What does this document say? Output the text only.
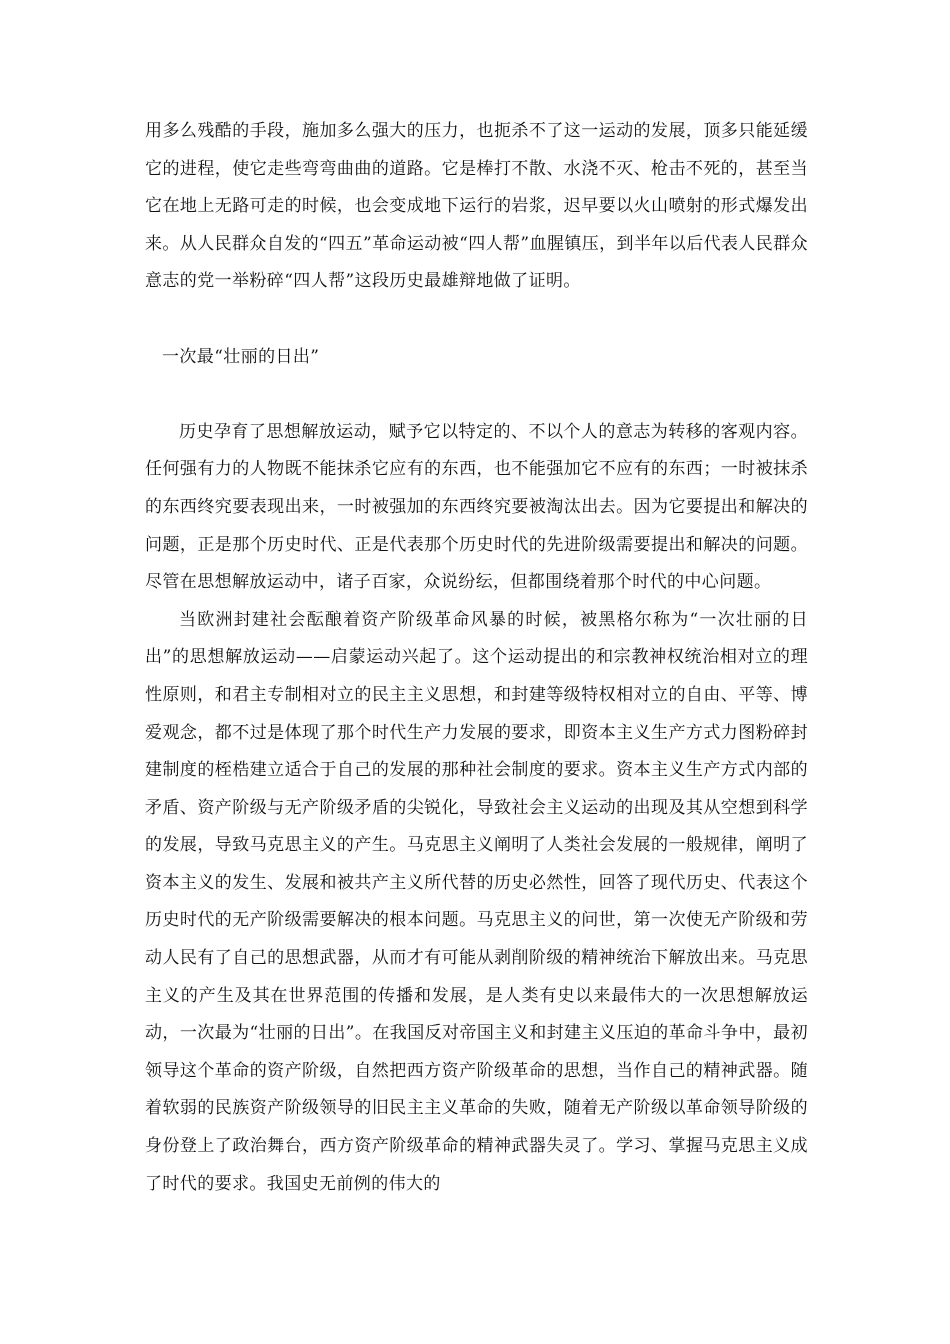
用多么残酷的手段，施加多么强大的压力，也扼杀不了这一运动的发展，顶多只能延缓它的进程，使它走些弯弯曲曲的道路。它是棒打不散、水浇不灭、枪击不死的，甚至当它在地上无路可走的时候，也会变成地下运行的岩浆，迟早要以火山喷射的形式爆发出来。从人民群众自发的“四五”革命运动被“四人帮”血腥镇压，到半年以后代表人民群众意志的党一举粉碎“四人帮”这段历史最雄辩地做了证明。

一次最“壮丽的日出”

历史孕育了思想解放运动，赋予它以特定的、不以个人的意志为转移的客观内容。任何强有力的人物既不能抹杀它应有的东西，也不能强加它不应有的东西；一时被抹杀的东西终究要表现出来，一时被强加的东西终究要被淘汰出去。因为它要提出和解决的问题，正是那个历史时代、正是代表那个历史时代的先进阶级需要提出和解决的问题。尽管在思想解放运动中，诸子百家，众说纷纭，但都围绕着那个时代的中心问题。

当欧洲封建社会酝酿着资产阶级革命风暴的时候，被黑格尔称为“一次壮丽的日出”的思想解放运动——启蒙运动兴起了。这个运动提出的和宗教神权统治相对立的理性原则，和君主专制相对立的民主主义思想，和封建等级特权相对立的自由、平等、博爱观念，都不过是体现了那个时代生产力发展的要求，即资本主义生产方式力图粉碎封建制度的桎梏建立适合于自己的发展的那种社会制度的要求。资本主义生产方式内部的矛盾、资产阶级与无产阶级矛盾的尖锐化，导致社会主义运动的出现及其从空想到科学的发展，导致马克思主义的产生。马克思主义阐明了人类社会发展的一般规律，阐明了资本主义的发生、发展和被共产主义所代替的历史必然性，回答了现代历史、代表这个历史时代的无产阶级需要解决的根本问题。马克思主义的问世，第一次使无产阶级和劳动人民有了自己的思想武器，从而才有可能从剥削阶级的精神统治下解放出来。马克思主义的产生及其在世界范围的传播和发展，是人类有史以来最伟大的一次思想解放运动，一次最为“壮丽的日出”。在我国反对帝国主义和封建主义压迫的革命斗争中，最初领导这个革命的资产阶级，自然把西方资产阶级革命的思想，当作自己的精神武器。随着软弱的民族资产阶级领导的旧民主主义革命的失败，随着无产阶级以革命领导阶级的身份登上了政治舞台，西方资产阶级革命的精神武器失灵了。学习、掌握马克思主义成了时代的要求。我国史无前例的伟大的
